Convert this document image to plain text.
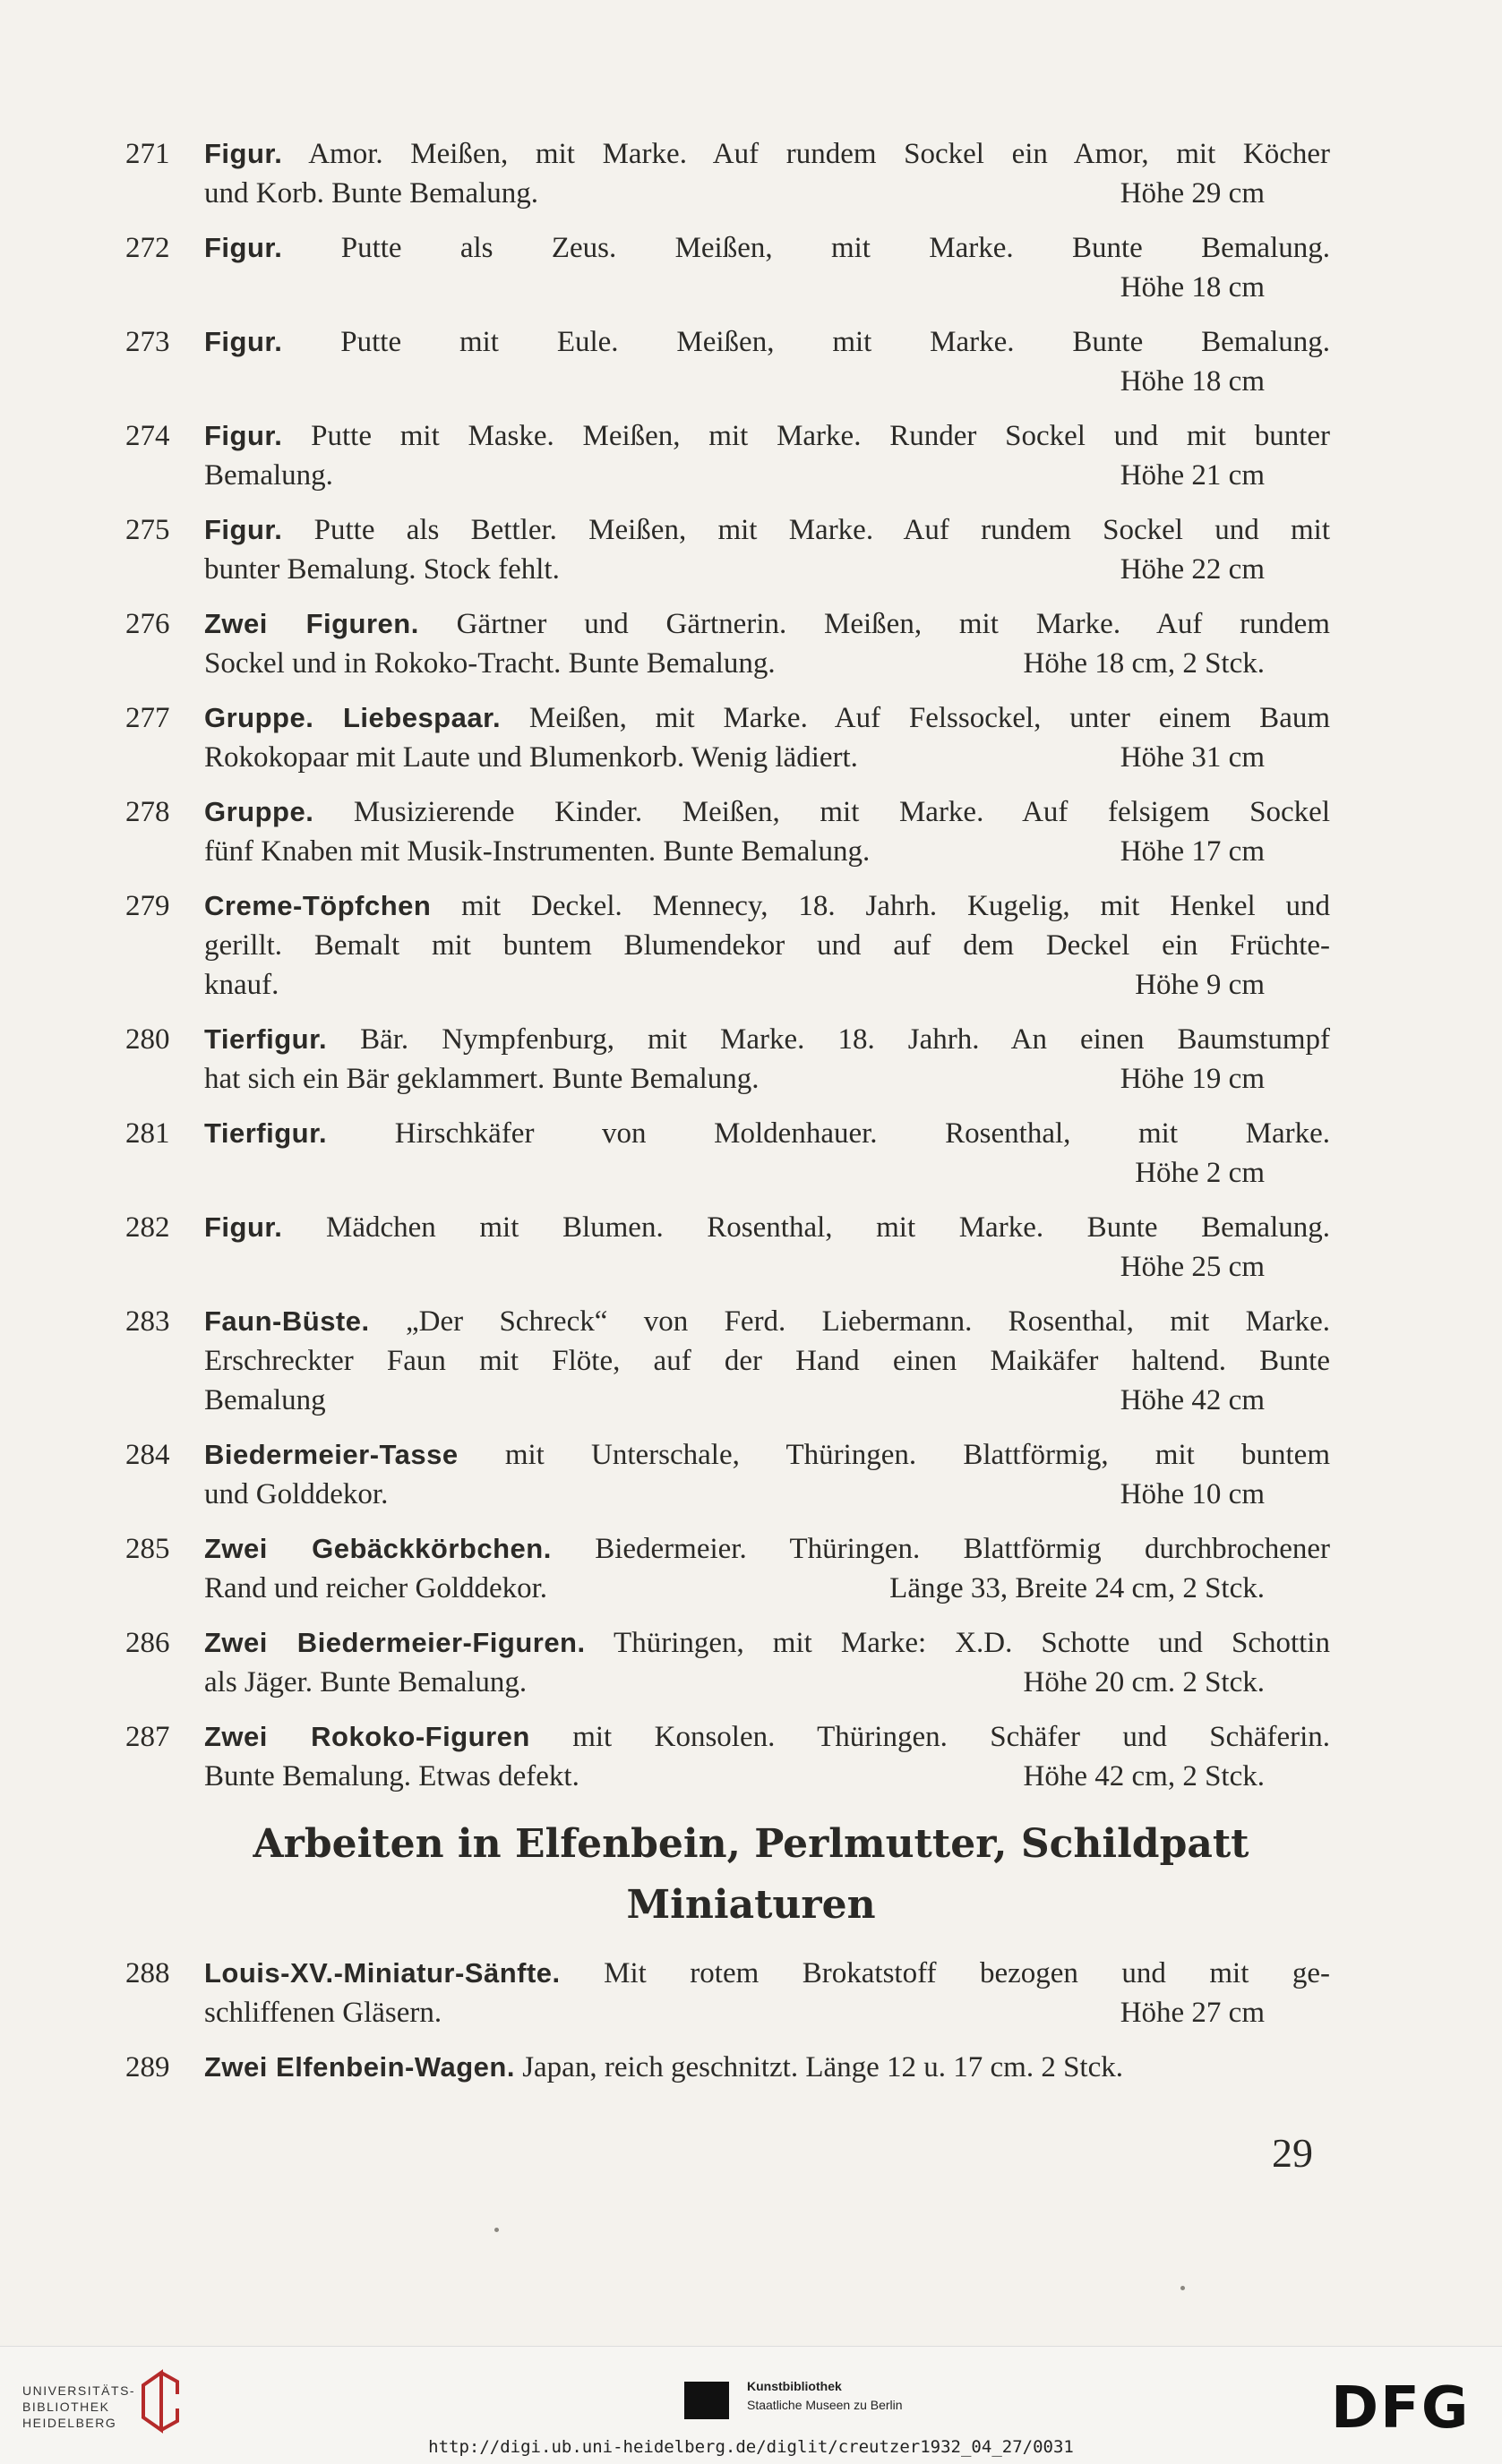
271	Figur. Amor. Meißen, mit Marke. Auf rundem Sockel ein Amor, mit Köcher
und Korb. Bunte Bemalung.	Höhe 29 cm
272	Figur. Putte als Zeus. Meißen, mit Marke. Bunte Bemalung.
Höhe 18 cm
273	Figur. Putte mit Eule. Meißen, mit Marke. Bunte Bemalung.
Höhe 18 cm
274	Figur. Putte mit Maske. Meißen, mit Marke. Runder Sockel und mit bunter
Bemalung.	Höhe 21 cm
275	Figur. Putte als Bettler. Meißen, mit Marke. Auf rundem Sockel und mit
bunter Bemalung. Stock fehlt.	Höhe 22 cm
276	Zwei Figuren. Gärtner und Gärtnerin. Meißen, mit Marke. Auf rundem
Sockel und in Rokoko-Tracht. Bunte Bemalung.	Höhe 18 cm, 2 Stck.
277	Gruppe. Liebespaar. Meißen, mit Marke. Auf Felssockel, unter einem Baum
Rokokopaar mit Laute und Blumenkorb. Wenig lädiert.	Höhe 31 cm
278	Gruppe. Musizierende Kinder. Meißen, mit Marke. Auf felsigem Sockel
fünf Knaben mit Musik-Instrumenten. Bunte Bemalung.	Höhe 17 cm
279	Creme-Töpfchen mit Deckel. Mennecy, 18. Jahrh. Kugelig, mit Henkel und
gerillt. Bemalt mit buntem Blumendekor und auf dem Deckel ein Früchte-
knauf.	Höhe 9 cm
280	Tierfigur. Bär. Nympfenburg, mit Marke. 18. Jahrh. An einen Baumstumpf
hat sich ein Bär geklammert. Bunte Bemalung.	Höhe 19 cm
281	Tierfigur. Hirschkäfer von Moldenhauer. Rosenthal, mit Marke.
Höhe 2 cm
282	Figur. Mädchen mit Blumen. Rosenthal, mit Marke. Bunte Bemalung.
Höhe 25 cm
283	Faun-Büste. „Der Schreck“ von Ferd. Liebermann. Rosenthal, mit Marke.
Erschreckter Faun mit Flöte, auf der Hand einen Maikäfer haltend. Bunte
Bemalung	Höhe 42 cm
284	Biedermeier-Tasse mit Unterschale, Thüringen. Blattförmig, mit buntem
und Golddekor.	Höhe 10 cm
285	Zwei Gebäckkörbchen. Biedermeier. Thüringen. Blattförmig durchbrochener
Rand und reicher Golddekor.	Länge 33, Breite 24 cm, 2 Stck.
286	Zwei Biedermeier-Figuren. Thüringen, mit Marke: X.D. Schotte und Schottin
als Jäger. Bunte Bemalung.	Höhe 20 cm. 2 Stck.
287	Zwei Rokoko-Figuren mit Konsolen. Thüringen. Schäfer und Schäferin.
Bunte Bemalung. Etwas defekt.	Höhe 42 cm, 2 Stck.
Arbeiten in Elfenbein, Perlmutter, Schildpatt
Miniaturen
288	Louis-XV.-Miniatur-Sänfte. Mit rotem Brokatstoff bezogen und mit ge-
schliffenen Gläsern.	Höhe 27 cm
289	Zwei Elfenbein-Wagen. Japan, reich geschnitzt. Länge 12 u. 17 cm. 2 Stck.
29
UNIVERSITÄTS-
BIBLIOTHEK
HEIDELBERG
Kunstbibliothek
Staatliche Museen zu Berlin	DFG
http://digi.ub.uni-heidelberg.de/diglit/creutzer1932_04_27/0031
